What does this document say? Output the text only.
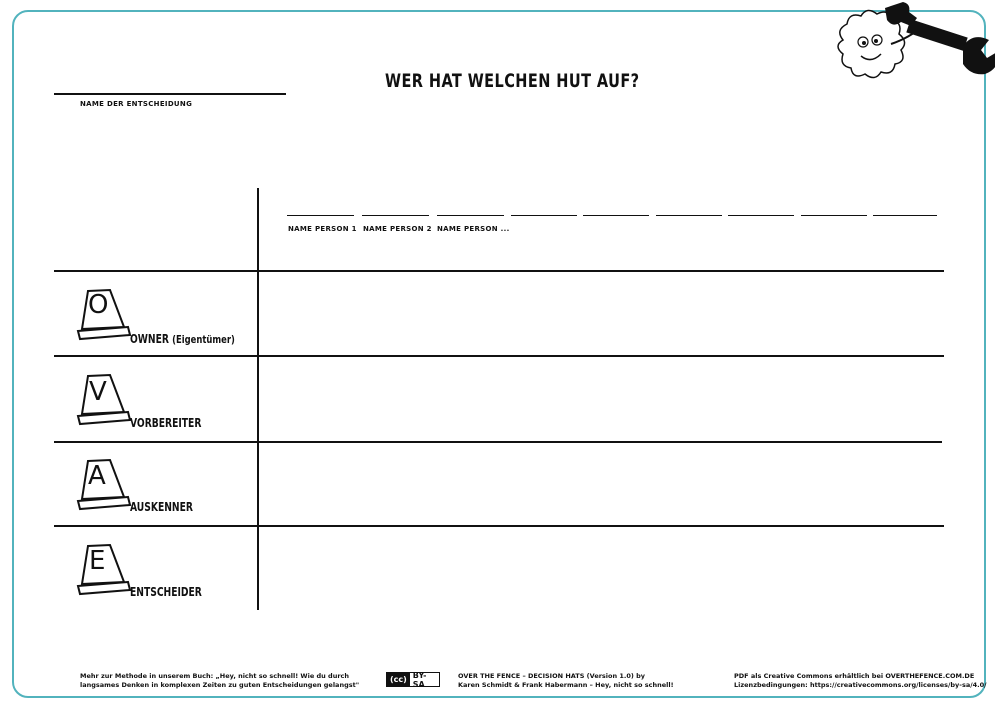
WER HAT WELCHEN HUT AUF?
NAME DER ENTSCHEIDUNG
NAME PERSON 1 NAME PERSON 2 NAME PERSON ...
O
OWNER (Eigentümer)
V
VORBEREITER
A
AUSKENNER
E
ENTSCHEIDER
Mehr zur Methode in unserem Buch: „Hey, nicht so schnell! Wie du durch
langsames Denken in komplexen Zeiten zu guten Entscheidungen gelangst"
(cc) BY-SA
OVER THE FENCE – DECISION HATS (Version 1.0) by
Karen Schmidt & Frank Habermann – Hey, nicht so schnell!
PDF als Creative Commons erhältlich bei OVERTHEFENCE.COM.DE
Lizenzbedingungen: https://creativecommons.org/licenses/by-sa/4.0/
